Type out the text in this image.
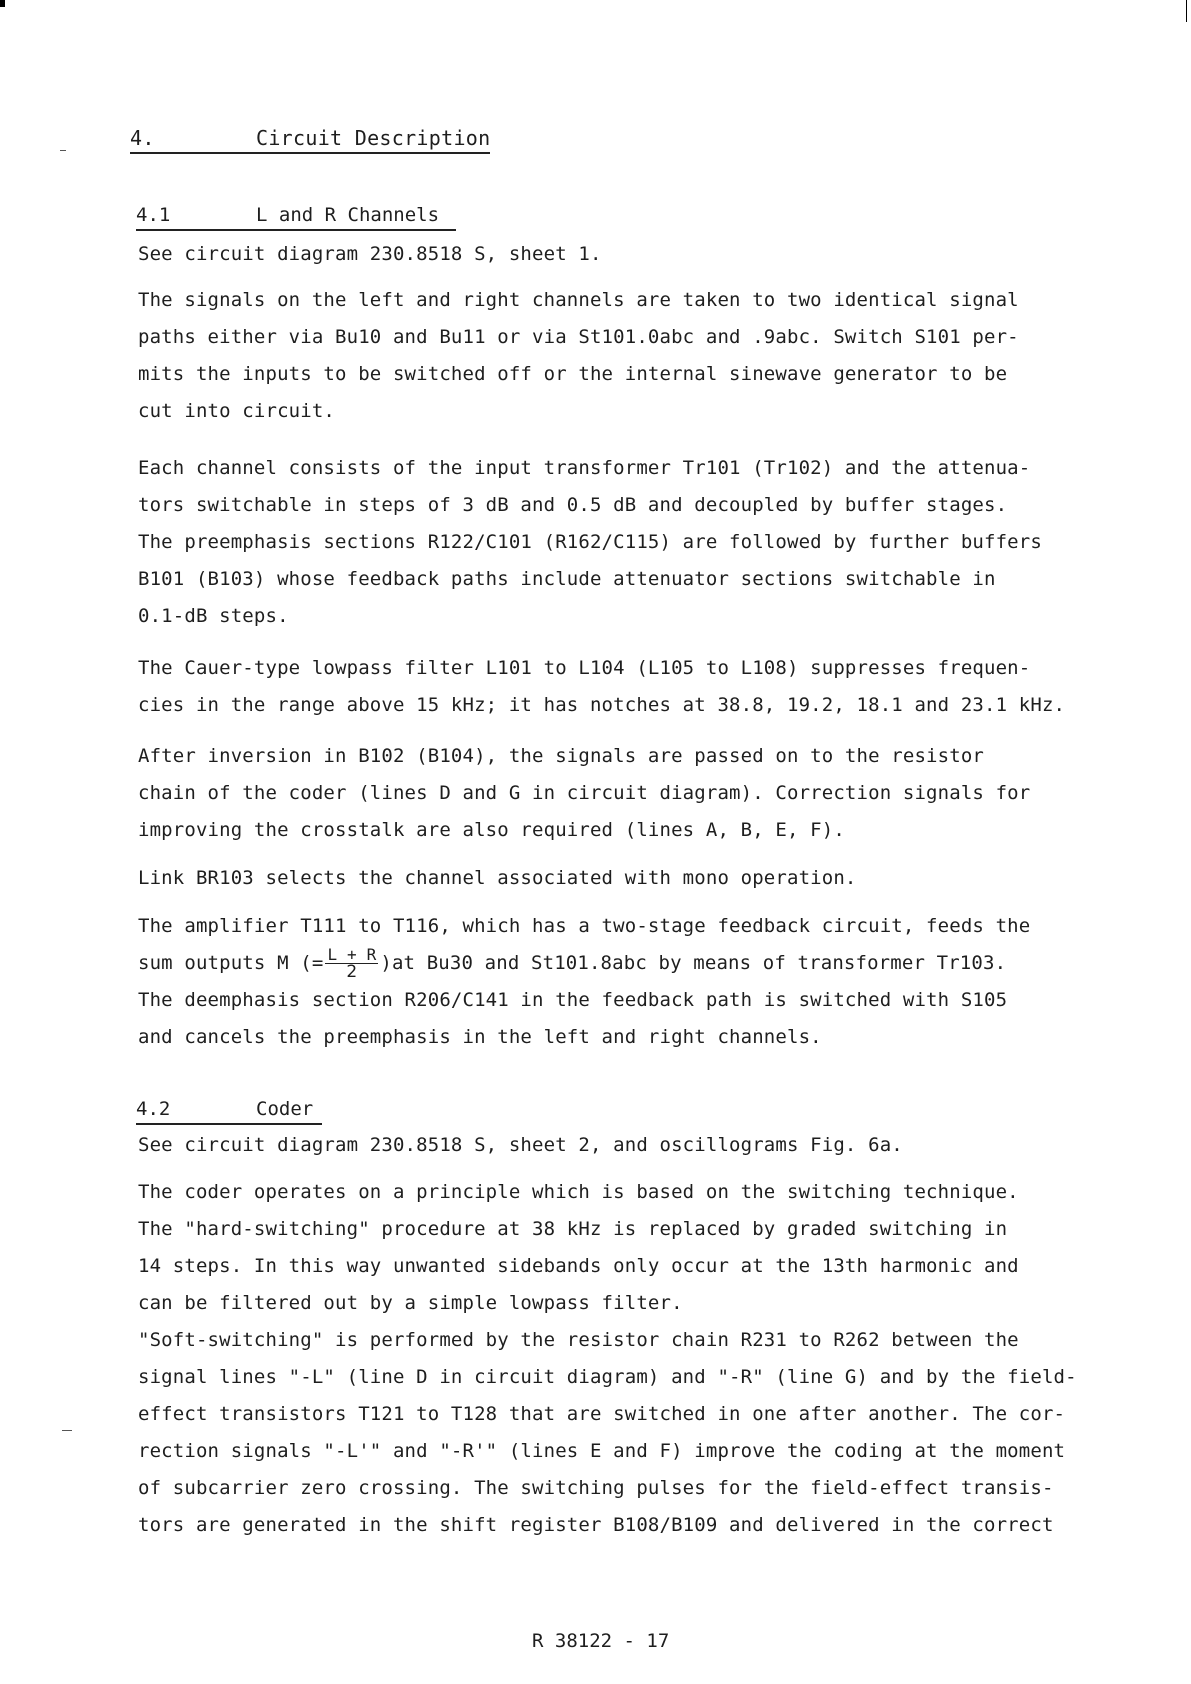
4.	Circuit Description
4.1	L and R Channels
See circuit diagram 230.8518 S, sheet 1.
The signals on the left and right channels are taken to two identical signal
paths either via Bu10 and Bu11 or via St101.0abc and .9abc. Switch S101 per-
mits the inputs to be switched off or the internal sinewave generator to be
cut into circuit.
Each channel consists of the input transformer Tr101 (Tr102) and the attenua-
tors switchable in steps of 3 dB and 0.5 dB and decoupled by buffer stages.
The preemphasis sections R122/C101 (R162/C115) are followed by further buffers
B101 (B103) whose feedback paths include attenuator sections switchable in
0.1-dB steps.
The Cauer-type lowpass filter L101 to L104 (L105 to L108) suppresses frequen-
cies in the range above 15 kHz; it has notches at 38.8, 19.2, 18.1 and 23.1 kHz.
After inversion in B102 (B104), the signals are passed on to the resistor
chain of the coder (lines D and G in circuit diagram). Correction signals for
improving the crosstalk are also required (lines A, B, E, F).
Link BR103 selects the channel associated with mono operation.
The amplifier T111 to T116, which has a two-stage feedback circuit, feeds the
sum outputs M (= $\frac{L + R}{2} )at$ Bu30 and St101.8abc by means of transformer Tr103.
The deemphasis section R206/C141 in the feedback path is switched with S105
and cancels the preemphasis in the left and right channels.
4.2	Coder
See circuit diagram 230.8518 S, sheet 2, and oscillograms Fig. 6a.
The coder operates on a principle which is based on the switching technique.
The "hard-switching" procedure at 38 kHz is replaced by graded switching in
14 steps. In this way unwanted sidebands only occur at the 13th harmonic and
can be filtered out by a simple lowpass filter.
"Soft-switching" is performed by the resistor chain R231 to R262 between the
signal lines "-L" (line D in circuit diagram) and "-R" (line G) and by the field-
effect transistors T121 to T128 that are switched in one after another. The cor-
rection signals "-L'" and "-R'" (lines E and F) improve the coding at the moment
of subcarrier zero crossing. The switching pulses for the field-effect transis-
tors are generated in the shift register B108/B109 and delivered in the correct
R 38122 - 17
